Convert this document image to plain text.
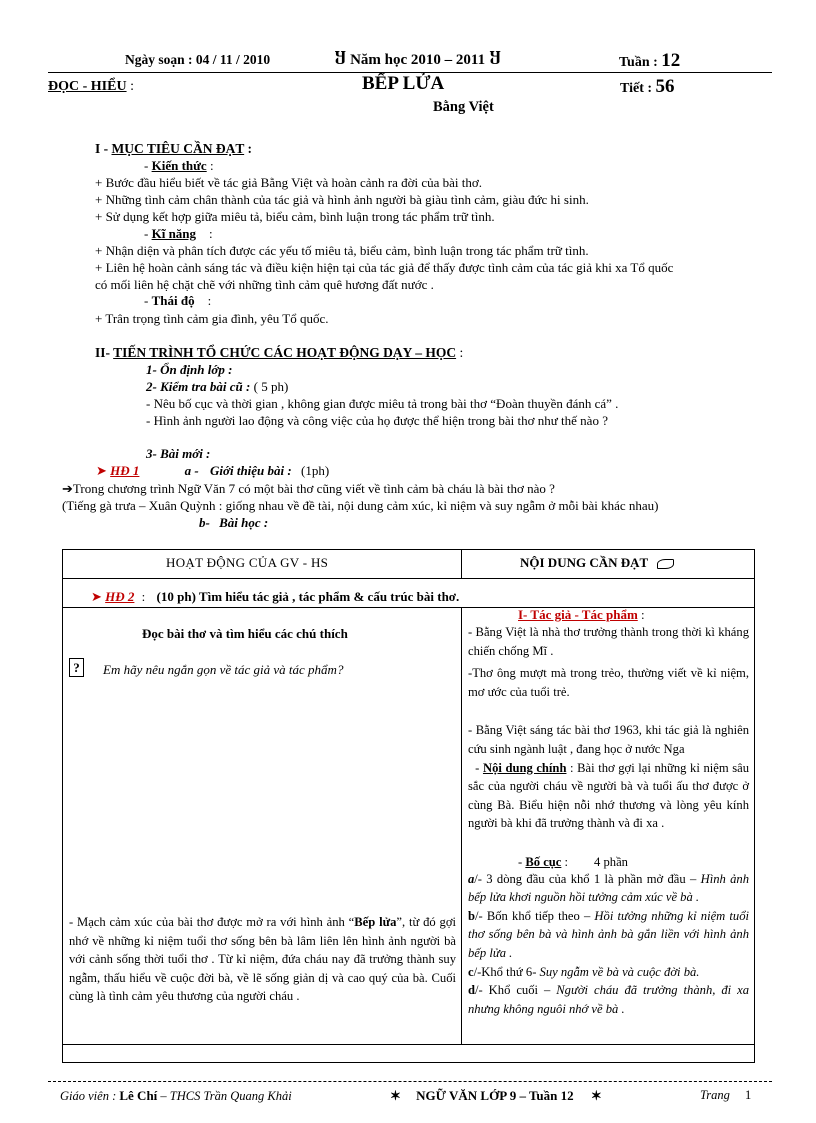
Ngày soạn : 04 / 11 / 2010	Ⴘ Năm học 2010 – 2011 Ⴘ	Tuần : 12
ĐỌC - HIỂU :	BẾP LỬA
Bằng Việt
Tiết : 56
I - MỤC TIÊU CẦN ĐẠT :
- Kiến thức :
+ Bước đầu hiểu biết về tác giả Bằng Việt và hoàn cảnh ra đời của bài thơ.
+ Những tình cảm chân thành của tác giả và hình ảnh người bà giàu tình cảm, giàu đức hi sinh.
+ Sử dụng kết hợp giữa miêu tả, biểu cảm, bình luận trong tác phẩm trữ tình.
- Kĩ năng    :
+ Nhận diện và phân tích được các yếu tố miêu tả, biểu cảm, bình luận trong tác phẩm trữ tình.
+ Liên hệ hoàn cảnh sáng tác và điều kiện hiện tại của tác giả để thấy được tình cảm của tác giả khi xa Tổ quốc
có mối liên hệ chặt chẽ với những tình cảm quê hương đất nước .
- Thái độ    :
+ Trân trọng tình cảm gia đình, yêu Tổ quốc.
II- TIẾN TRÌNH TỔ CHỨC CÁC HOẠT ĐỘNG DẠY – HỌC :
1- Ổn định lớp :
2- Kiểm tra bài cũ : ( 5 ph)
- Nêu bố cục và thời gian , không gian được miêu tả trong bài thơ “Đoàn thuyền đánh cá” .
- Hình ảnh người lao động và công việc của họ được thể hiện trong bài thơ như thế nào ?
3- Bài mới :
➤ HĐ 1	a - Giới thiệu bài : (1ph)
➔Trong chương trình Ngữ Văn 7 có một bài thơ cũng viết về tình cảm bà cháu là bài thơ nào ?
(Tiếng gà trưa – Xuân Quỳnh : giống nhau về đề tài, nội dung cảm xúc, kỉ niệm và suy ngẫm ở mỗi bài khác nhau)
b- Bài học :
HOẠT ĐỘNG CỦA GV - HS	NỘI DUNG CẦN ĐẠT
➤ HĐ 2 : (10 ph) Tìm hiểu tác giả , tác phẩm & cấu trúc bài thơ.
Đọc bài thơ và tìm hiểu các chú thích
?	Em hãy nêu ngắn gọn về tác giả và tác phẩm?

- Mạch cảm xúc của bài thơ được mở ra với hình ảnh “Bếp lửa”, từ đó gợi nhớ về những kỉ niệm tuổi thơ sống bên bà lâm liên lên hình ảnh người bà với cảnh sống thời tuổi thơ . Từ kỉ niệm, đứa cháu nay đã trưởng thành suy ngẫm, thấu hiểu về cuộc đời bà, về lẽ sống giản dị và cao quý của bà. Cuối cùng là tình cảm yêu thương của người cháu .

I- Tác giả - Tác phẩm :

- Bằng Việt là nhà thơ trưởng thành trong thời kì kháng chiến chống Mĩ .

-Thơ ông mượt mà trong trẻo, thường viết về kỉ niệm, mơ ước của tuổi trẻ.

- Bằng Việt sáng tác bài thơ 1963, khi tác giả là nghiên cứu sinh ngành luật , đang học ở nước Nga

- Nội dung chính : Bài thơ gợi lại những kỉ niệm sâu sắc của người cháu về người bà và tuổi ấu thơ được ở cùng Bà. Biểu hiện nỗi nhớ thương và lòng yêu kính người bà khi đã trưởng thành và đi xa .

- Bố cục : 4 phần

a/- 3 dòng đầu của khổ 1 là phần mở đầu – Hình ảnh bếp lửa khơi nguồn hồi tưởng cảm xúc về bà .

b/- Bốn khổ tiếp theo – Hồi tưởng những kỉ niệm tuổi thơ sống bên bà và hình ảnh bà gắn liền với hình ảnh bếp lửa .

c/-Khổ thứ 6- Suy ngẫm về bà và cuộc đời bà.

d/- Khổ cuối – Người cháu đã trưởng thành, đi xa nhưng không nguôi nhớ về bà .

Giáo viên : Lê Chí – THCS Trần Quang Khải	✶ NGỮ VĂN LỚP 9 – Tuần 12 ✶	Trang 1
